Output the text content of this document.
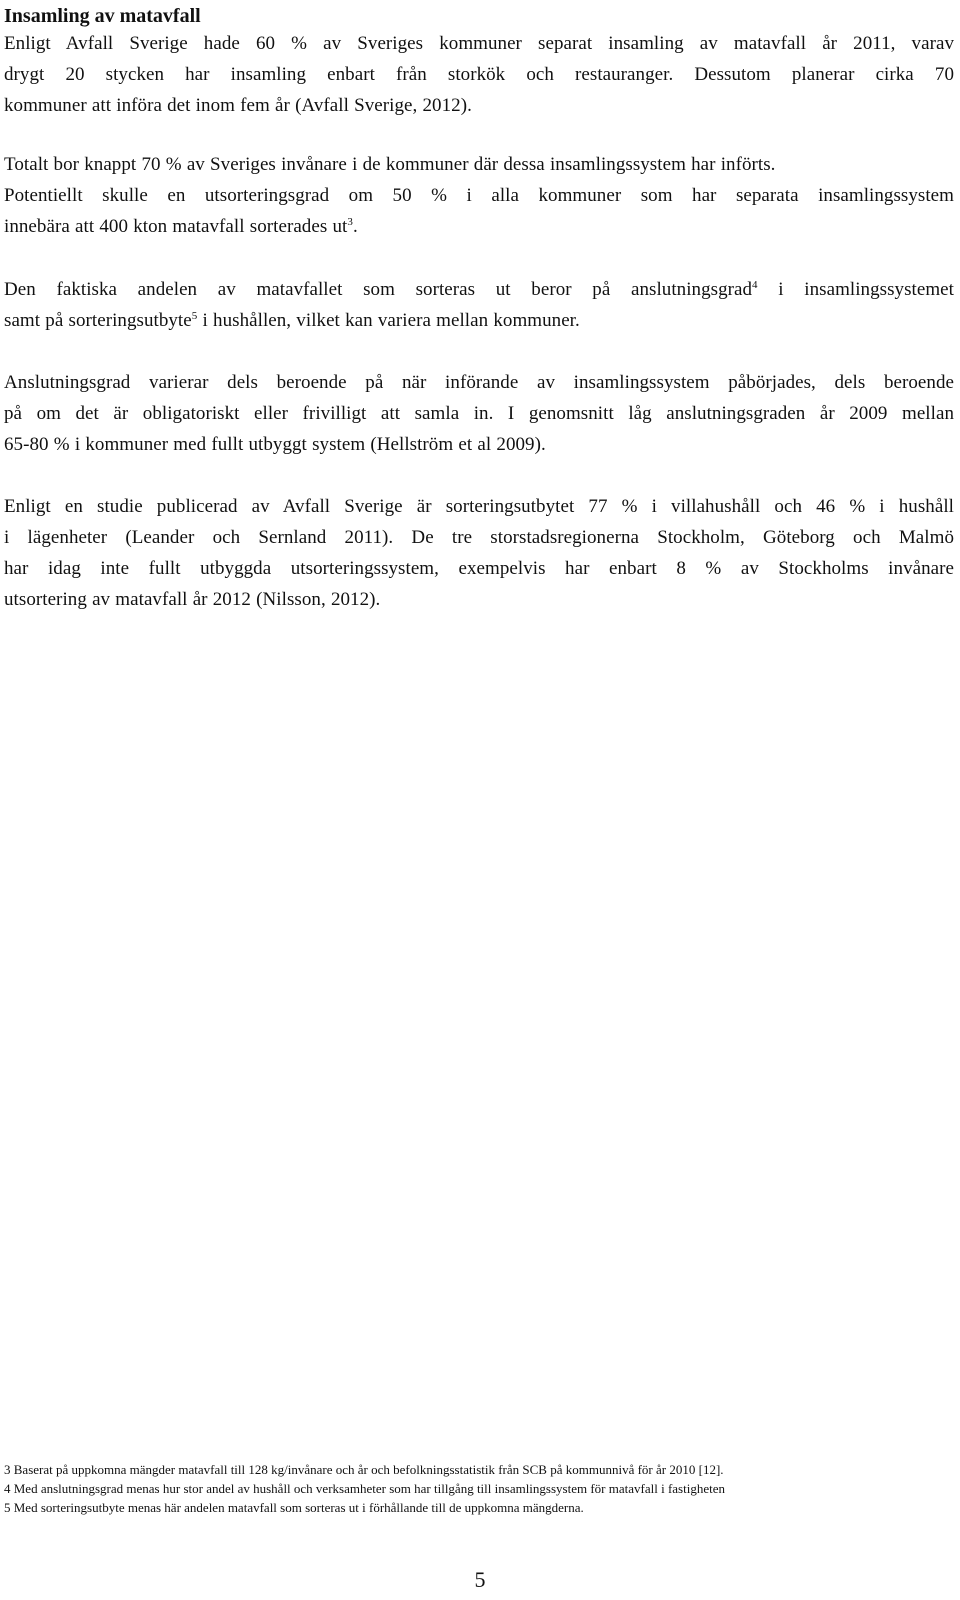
Insamling av matavfall
Enligt Avfall Sverige hade 60 % av Sveriges kommuner separat insamling av matavfall år 2011, varav
drygt 20 stycken har insamling enbart från storkök och restauranger. Dessutom planerar cirka 70
kommuner att införa det inom fem år (Avfall Sverige, 2012).
Totalt bor knappt 70 % av Sveriges invånare i de kommuner där dessa insamlingssystem har införts.
Potentiellt skulle en utsorteringsgrad om 50 % i alla kommuner som har separata insamlingssystem
innebära att 400 kton matavfall sorterades $ut^3$.
Den faktiska andelen av matavfallet som sorteras ut beror på anslutningsgrad$^4$ i insamlingssystemet
samt på sorteringsutbyte$^5$ i hushållen, vilket kan variera mellan kommuner.
Anslutningsgrad varierar dels beroende på när införande av insamlingssystem påbörjades, dels beroende
på om det är obligatoriskt eller frivilligt att samla in. I genomsnitt låg anslutningsgraden år 2009 mellan
65-80 % i kommuner med fullt utbyggt system (Hellström et al 2009).
Enligt en studie publicerad av Avfall Sverige är sorteringsutbytet 77 % i villahushåll och 46 % i hushåll
i lägenheter (Leander och Sernland 2011). De tre storstadsregionerna Stockholm, Göteborg och Malmö
har idag inte fullt utbyggda utsorteringssystem, exempelvis har enbart 8 % av Stockholms invånare
utsortering av matavfall år 2012 (Nilsson, 2012).
3 Baserat på uppkomna mängder matavfall till 128 kg/invånare och år och befolkningsstatistik från SCB på kommunnivå för år 2010 [12].
4 Med anslutningsgrad menas hur stor andel av hushåll och verksamheter som har tillgång till insamlingssystem för matavfall i fastigheten
5 Med sorteringsutbyte menas här andelen matavfall som sorteras ut i förhållande till de uppkomna mängderna.
5
